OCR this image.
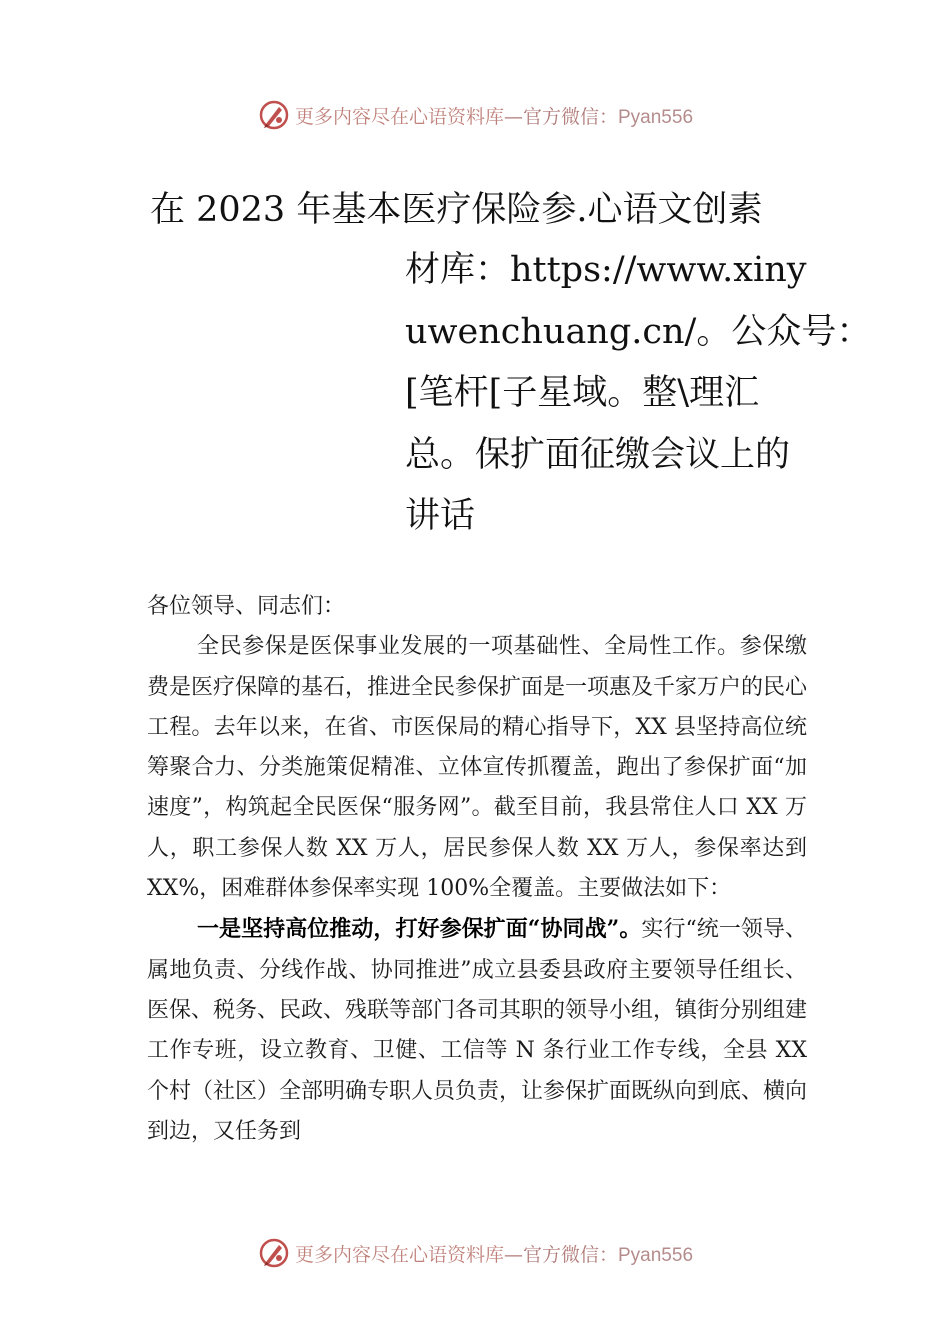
更多内容尽在心语资料库—官方微信：Pyan556
在 2023 年基本医疗保险参.心语文创素
材库：https://www.xiny
uwenchuang.cn/。公众号：
[笔杆[子星域。整\理汇
总。保扩面征缴会议上的
讲话

各位领导、同志们：

全民参保是医保事业发展的一项基础性、全局性工作。参保缴费是医疗保障的基石，推进全民参保扩面是一项惠及千家万户的民心工程。去年以来，在省、市医保局的精心指导下，XX 县坚持高位统筹聚合力、分类施策促精准、立体宣传抓覆盖，跑出了参保扩面“加速度”，构筑起全民医保“服务网”。截至目前，我县常住人口 XX 万人，职工参保人数 XX 万人，居民参保人数 XX 万人，参保率达到 XX%，困难群体参保率实现 100%全覆盖。主要做法如下：

一是坚持高位推动，打好参保扩面“协同战”。实行“统一领导、属地负责、分线作战、协同推进”成立县委县政府主要领导任组长、医保、税务、民政、残联等部门各司其职的领导小组，镇街分别组建工作专班，设立教育、卫健、工信等 N 条行业工作专线，全县 XX 个村（社区）全部明确专职人员负责，让参保扩面既纵向到底、横向到边，又任务到

更多内容尽在心语资料库—官方微信：Pyan556
